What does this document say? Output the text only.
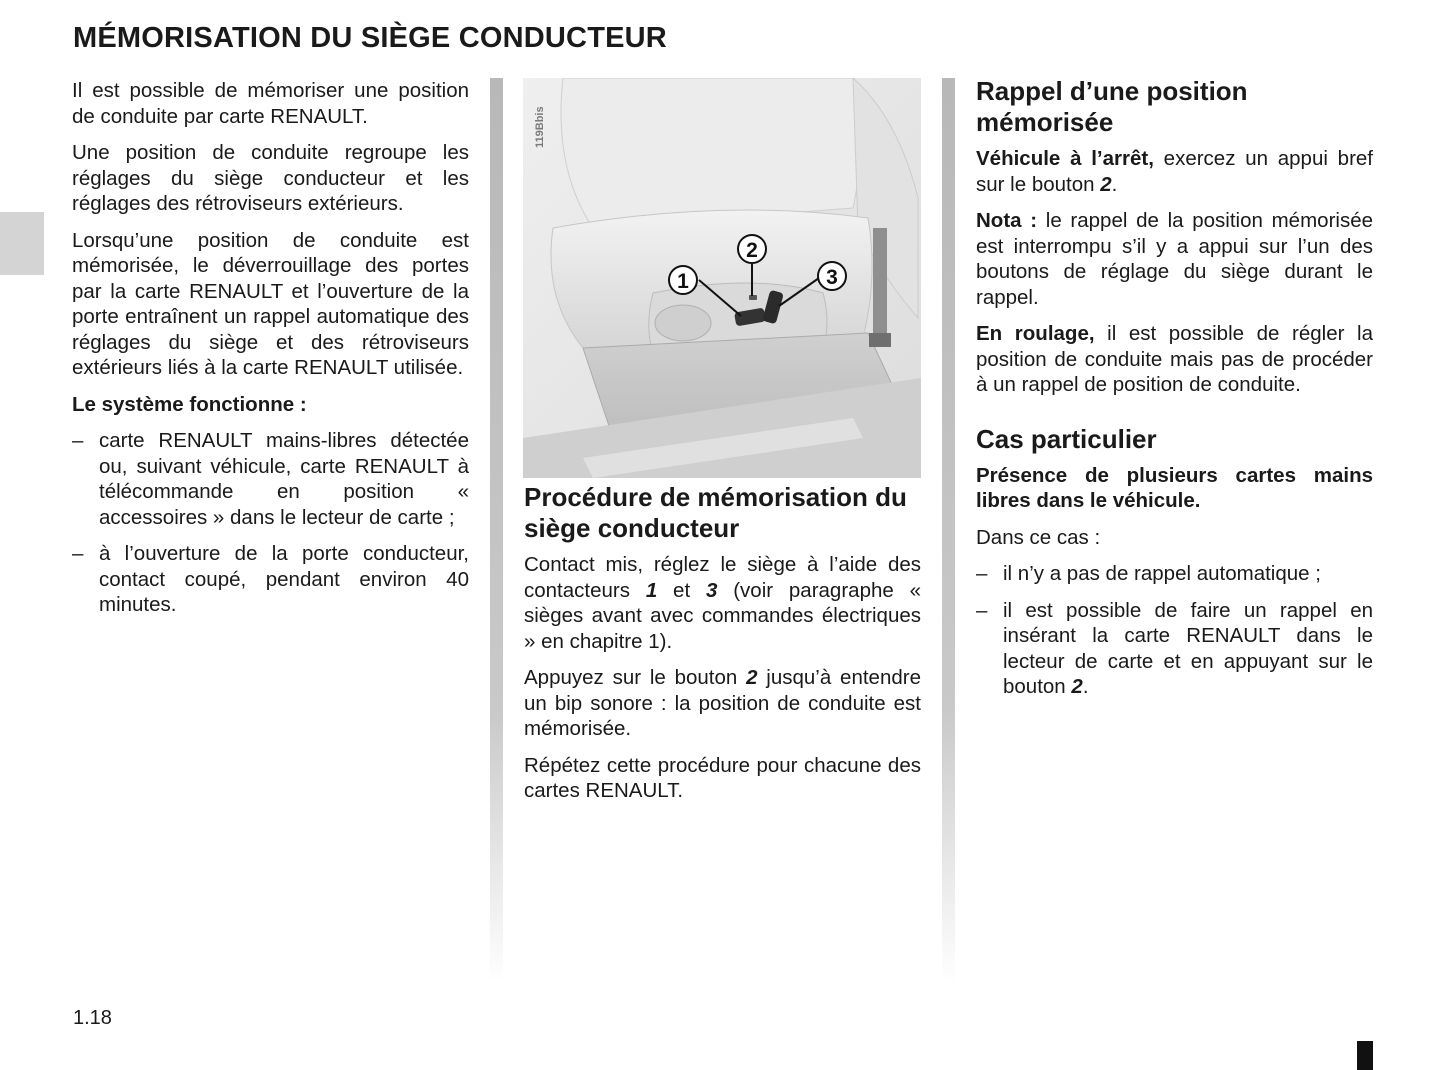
MÉMORISATION DU SIÈGE CONDUCTEUR

Il est possible de mémoriser une position de conduite par carte RENAULT.

Une position de conduite regroupe les réglages du siège conducteur et les réglages des rétroviseurs extérieurs.

Lorsqu’une position de conduite est mémorisée, le déverrouillage des portes par la carte RENAULT et l’ouverture de la porte entraînent un rappel automatique des réglages du siège et des rétroviseurs extérieurs liés à la carte RENAULT utilisée.

Le système fonctionne :

– carte RENAULT mains-libres détectée ou, suivant véhicule, carte RENAULT à télécommande en position « accessoires » dans le lecteur de carte ;
– à l’ouverture de la porte conducteur, contact coupé, pendant environ 40 minutes.
119Bbis
1
2
3
Procédure de mémorisation du siège conducteur

Contact mis, réglez le siège à l’aide des contacteurs 1 et 3 (voir paragraphe « sièges avant avec commandes électriques » en chapitre 1).

Appuyez sur le bouton 2 jusqu’à entendre un bip sonore : la position de conduite est mémorisée.

Répétez cette procédure pour chacune des cartes RENAULT.

Rappel d’une position mémorisée

Véhicule à l’arrêt, exercez un appui bref sur le bouton 2.

Nota : le rappel de la position mémorisée est interrompu s’il y a appui sur l’un des boutons de réglage du siège durant le rappel.

En roulage, il est possible de régler la position de conduite mais pas de procéder à un rappel de position de conduite.

Cas particulier

Présence de plusieurs cartes mains libres dans le véhicule.

Dans ce cas :

– il n’y a pas de rappel automatique ;
– il est possible de faire un rappel en insérant la carte RENAULT dans le lecteur de carte et en appuyant sur le bouton 2.
1.18
